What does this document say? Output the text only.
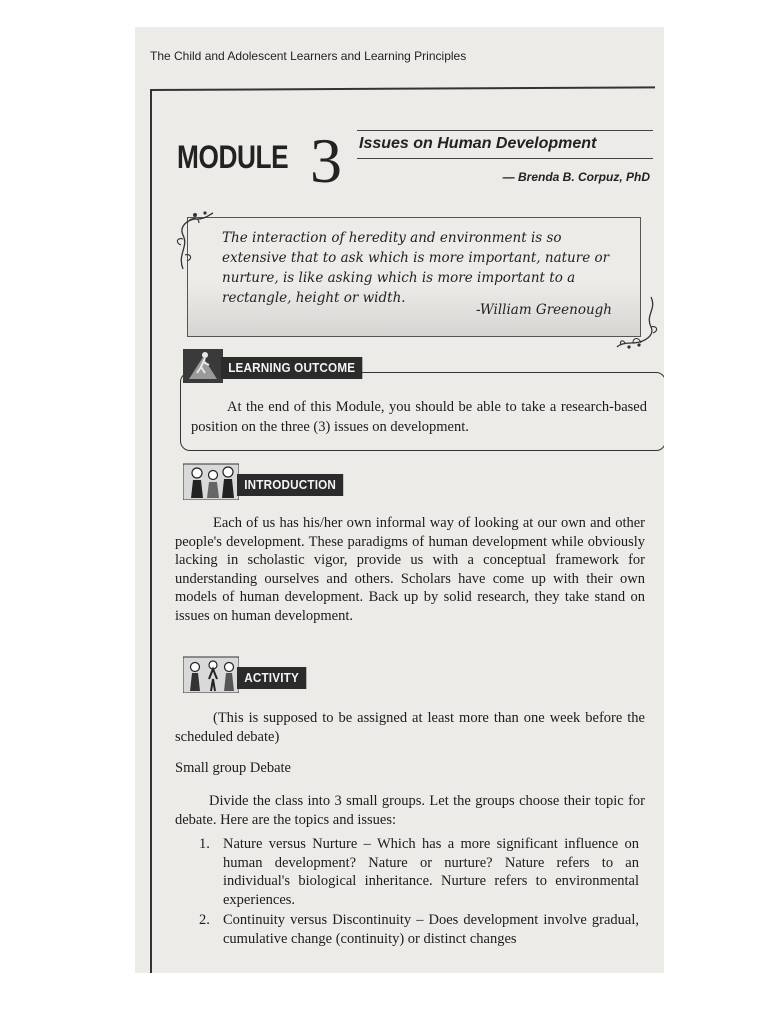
The Child and Adolescent Learners and Learning Principles
MODULE 3 Issues on Human Development
— Brenda B. Corpuz, PhD
The interaction of heredity and environment is so extensive that to ask which is more important, nature or nurture, is like asking which is more important to a rectangle, height or width.
-William Greenough
At the end of this Module, you should be able to take a research-based position on the three (3) issues on development.
LEARNING OUTCOME
INTRODUCTION
Each of us has his/her own informal way of looking at our own and other people's development. These paradigms of human development while obviously lacking in scholastic vigor, provide us with a conceptual framework for understanding ourselves and others. Scholars have come up with their own models of human development. Back up by solid research, they take stand on issues on human development.
ACTIVITY
(This is supposed to be assigned at least more than one week before the scheduled debate)
Small group Debate
Divide the class into 3 small groups. Let the groups choose their topic for debate. Here are the topics and issues:
1. Nature versus Nurture – Which has a more significant influence on human development? Nature or nurture? Nature refers to an individual's biological inheritance. Nurture refers to environmental experiences.
2. Continuity versus Discontinuity – Does development involve gradual, cumulative change (continuity) or distinct changes
